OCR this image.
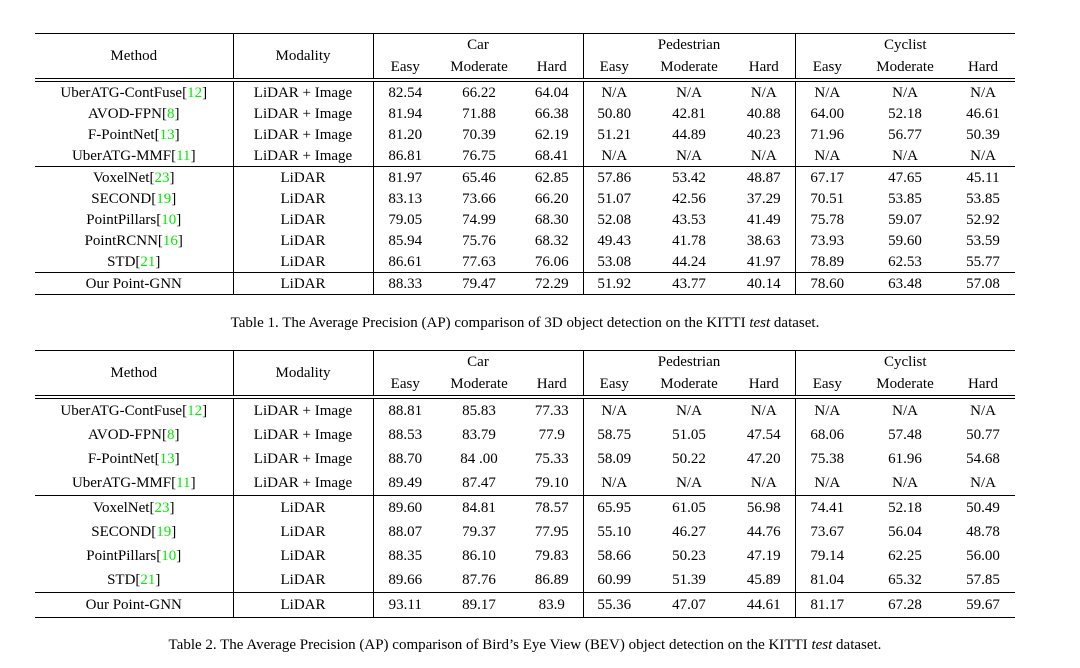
Method	Modality	Car			Pedestrian			Cyclist		
		Easy	Moderate	Hard	Easy	Moderate	Hard	Easy	Moderate	Hard
UberATG-ContFuse[12]	LiDAR + Image	82.54	66.22	64.04	N/A	N/A	N/A	N/A	N/A	N/A
AVOD-FPN[8]	LiDAR + Image	81.94	71.88	66.38	50.80	42.81	40.88	64.00	52.18	46.61
F-PointNet[13]	LiDAR + Image	81.20	70.39	62.19	51.21	44.89	40.23	71.96	56.77	50.39
UberATG-MMF[11]	LiDAR + Image	86.81	76.75	68.41	N/A	N/A	N/A	N/A	N/A	N/A
VoxelNet[23]	LiDAR	81.97	65.46	62.85	57.86	53.42	48.87	67.17	47.65	45.11
SECOND[19]	LiDAR	83.13	73.66	66.20	51.07	42.56	37.29	70.51	53.85	53.85
PointPillars[10]	LiDAR	79.05	74.99	68.30	52.08	43.53	41.49	75.78	59.07	52.92
PointRCNN[16]	LiDAR	85.94	75.76	68.32	49.43	41.78	38.63	73.93	59.60	53.59
STD[21]	LiDAR	86.61	77.63	76.06	53.08	44.24	41.97	78.89	62.53	55.77
Our Point-GNN	LiDAR	88.33	79.47	72.29	51.92	43.77	40.14	78.60	63.48	57.08

Table 1. The Average Precision (AP) comparison of 3D object detection on the KITTI test dataset.

Method	Modality	Car			Pedestrian			Cyclist		
		Easy	Moderate	Hard	Easy	Moderate	Hard	Easy	Moderate	Hard
UberATG-ContFuse[12]	LiDAR + Image	88.81	85.83	77.33	N/A	N/A	N/A	N/A	N/A	N/A
AVOD-FPN[8]	LiDAR + Image	88.53	83.79	77.9	58.75	51.05	47.54	68.06	57.48	50.77
F-PointNet[13]	LiDAR + Image	88.70	84 .00	75.33	58.09	50.22	47.20	75.38	61.96	54.68
UberATG-MMF[11]	LiDAR + Image	89.49	87.47	79.10	N/A	N/A	N/A	N/A	N/A	N/A
VoxelNet[23]	LiDAR	89.60	84.81	78.57	65.95	61.05	56.98	74.41	52.18	50.49
SECOND[19]	LiDAR	88.07	79.37	77.95	55.10	46.27	44.76	73.67	56.04	48.78
PointPillars[10]	LiDAR	88.35	86.10	79.83	58.66	50.23	47.19	79.14	62.25	56.00
STD[21]	LiDAR	89.66	87.76	86.89	60.99	51.39	45.89	81.04	65.32	57.85
Our Point-GNN	LiDAR	93.11	89.17	83.9	55.36	47.07	44.61	81.17	67.28	59.67

Table 2. The Average Precision (AP) comparison of Bird’s Eye View (BEV) object detection on the KITTI test dataset.
